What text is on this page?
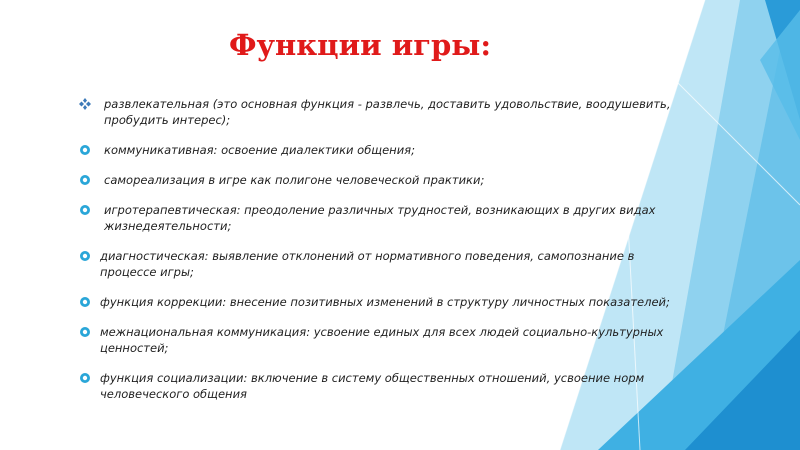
Функции игры:
развлекательная (это основная функция - развлечь, доставить удовольствие, воодушевить, пробудить интерес);
коммуникативная: освоение диалектики общения;
самореализация в игре как полигоне человеческой практики;
игротерапевтическая: преодоление различных трудностей, возникающих в других видах жизнедеятельности;
диагностическая: выявление отклонений от нормативного поведения, самопознание в процессе игры;
функция коррекции: внесение позитивных изменений в структуру личностных показателей;
межнациональная коммуникация: усвоение единых для всех людей социально-культурных ценностей;
функция социализации: включение в систему общественных отношений, усвоение норм человеческого общения
